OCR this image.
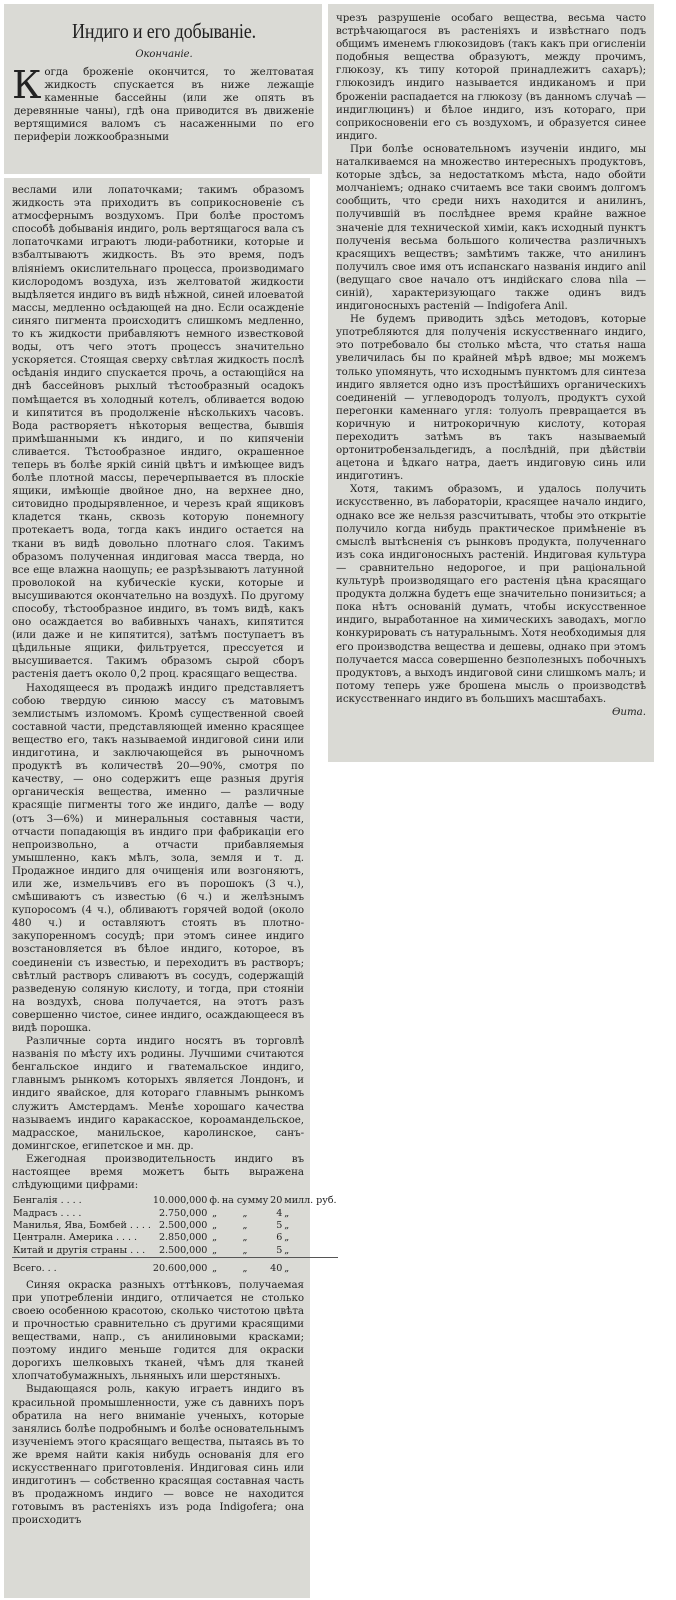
Индиго и его добываніе.
Окончаніе.

Когда броженіе окончится, то желтоватая жидкость спускается въ ниже лежащіе каменные бассейны (или же опять въ деревянные чаны), гдѣ она приводится въ движеніе вертящимися валомъ съ насаженными по его периферіи ложкообразными

веслами или лопаточками; такимъ образомъ жидкость эта приходитъ въ соприкосновеніе съ атмосфернымъ воздухомъ. При болѣе простомъ способѣ добыванія индиго, роль вертящагося вала съ лопаточками играютъ люди-работники, которые и взбалтываютъ жидкость. Въ это время, подъ вліяніемъ окислительнаго процесса, производимаго кислородомъ воздуха, изъ желтоватой жидкости выдѣляется индиго въ видѣ нѣжной, синей илоеватой массы, медленно осѣдающей на дно. Если осажденіе синяго пигмента происходитъ слишкомъ медленно, то къ жидкости прибавляютъ немного известковой воды, отъ чего этотъ процессъ значительно ускоряется. Стоящая сверху свѣтлая жидкость послѣ осѣданія индиго спускается прочь, а остающійся на днѣ бассейновъ рыхлый тѣстообразный осадокъ помѣщается въ холодный котелъ, обливается водою и кипятится въ продолженіе нѣсколькихъ часовъ. Вода растворяетъ нѣкоторыя вещества, бывшія примѣшанными къ индиго, и по кипяченіи сливается. Тѣстообразное индиго, окрашенное теперь въ болѣе яркій синій цвѣтъ и имѣющее видъ болѣе плотной массы, перечерпывается въ плоскіе ящики, имѣющіе двойное дно, на верхнее дно, ситовидно продырявленное, и черезъ край ящиковъ кладется ткань, сквозь которую понемногу протекаетъ вода, тогда какъ индиго остается на ткани въ видѣ довольно плотнаго слоя. Такимъ образомъ полученная индиговая масса тверда, но все еще влажна наощупь; ее разрѣзываютъ латунной проволокой на кубическіе куски, которые и высушиваются окончательно на воздухѣ. По другому способу, тѣстообразное индиго, въ томъ видѣ, какъ оно осаждается во вабивныхъ чанахъ, кипятится (или даже и не кипятится), затѣмъ поступаетъ въ цѣдильные ящики, фильтруется, прессуется и высушивается. Такимъ образомъ сырой сборъ растенія даетъ около 0,2 проц. красящаго вещества.

Находящееся въ продажѣ индиго представляетъ собою твердую синюю массу съ матовымъ землистымъ изломомъ. Кромѣ существенной своей составной части, представляющей именно красящее вещество его, такъ называемой индиговой сини или индиготина, и заключающейся въ рыночномъ продуктѣ въ количествѣ 20—90%, смотря по качеству, — оно содержитъ еще разныя другія органическія вещества, именно — различные красящіе пигменты того же индиго, далѣе — воду (отъ 3—6%) и минеральныя составныя части, отчасти попадающія въ индиго при фабрикаціи его непроизвольно, а отчасти прибавляемыя умышленно, какъ мѣлъ, зола, земля и т. д. Продажное индиго для очищенія или возгоняютъ, или же, измельчивъ его въ порошокъ (3 ч.), смѣшиваютъ съ известью (6 ч.) и желѣзнымъ купоросомъ (4 ч.), обливаютъ горячей водой (около 480 ч.) и оставляютъ стоять въ плотно-закупоренномъ сосудѣ; при этомъ синее индиго возстановляется въ бѣлое индиго, которое, въ соединеніи съ известью, и переходитъ въ растворъ; свѣтлый растворъ сливаютъ въ сосудъ, содержащій разведеную соляную кислоту, и тогда, при стояніи на воздухѣ, снова получается, на этотъ разъ совершенно чистое, синее индиго, осаждающееся въ видѣ порошка.

Различные сорта индиго носятъ въ торговлѣ названія по мѣсту ихъ родины. Лучшими считаются бенгальское индиго и гватемальское индиго, главнымъ рынкомъ которыхъ является Лондонъ, и индиго явайское, для котораго главнымъ рынкомъ служитъ Амстердамъ. Менѣе хорошаго качества называемъ индиго каракасское, короамандельское, мадрасское, манильское, каролинское, санъ-домингское, египетское и мн. др.

Ежегодная производительность индиго въ настоящее время можетъ быть выражена слѣдующими цифрами:

Бенгалія . . . .	10.000,000	ф.	на сумму	20	милл. руб.
Мадрасъ . . . .	2.750,000	„	„	4	„
Манилья, Ява, Бомбей . . . .	2.500,000	„	„	5	„
Централн. Америка . . . .	2.850,000	„	„	6	„
Китай и другія страны . . .	2.500,000	„	„	5	„

Всего. . .	20.600,000	„	„	40	„

Синяя окраска разныхъ оттѣнковъ, получаемая при употребленіи индиго, отличается не столько своею особенною красотою, сколько чистотою цвѣта и прочностью сравнительно съ другими красящими веществами, напр., съ анилиновыми красками; поэтому индиго меньше годится для окраски дорогихъ шелковыхъ тканей, чѣмъ для тканей хлопчатобумажныхъ, льняныхъ или шерстяныхъ.

Выдающаяся роль, какую играетъ индиго въ красильной промышленности, уже съ давнихъ поръ обратила на него вниманіе ученыхъ, которые занялись болѣе подробнымъ и болѣе основательнымъ изученіемъ этого красящаго вещества, пытаясь въ то же время найти какія нибудь основанія для его искусственнаго приготовленія. Индиговая синь или индиготинъ — собственно красящая составная часть въ продажномъ индиго — вовсе не находится готовымъ въ растеніяхъ изъ рода Indigofera; она происходитъ

чрезъ разрушеніе особаго вещества, весьма часто встрѣчающагося въ растеніяхъ и извѣстнаго подъ общимъ именемъ глюкозидовъ (такъ какъ при огисленіи подобныя вещества образуютъ, между прочимъ, глюкозу, къ типу которой принадлежитъ сахаръ); глюкозидъ индиго называется индиканомъ и при броженіи распадается на глюкозу (въ данномъ случаѣ — индиглюцинъ) и бѣлое индиго, изъ котораго, при соприкосновеніи его съ воздухомъ, и образуется синее индиго.

При болѣе основательномъ изученіи индиго, мы наталкиваемся на множество интересныхъ продуктовъ, которые здѣсь, за недостаткомъ мѣста, надо обойти молчаніемъ; однако считаемъ все таки своимъ долгомъ сообщить, что среди нихъ находится и анилинъ, получившій въ послѣднее время крайне важное значеніе для технической химіи, какъ исходный пунктъ полученія весьма большого количества различныхъ красящихъ веществъ; замѣтимъ также, что анилинъ получилъ свое имя отъ испанскаго названія индиго anil (ведущаго свое начало отъ индійскаго слова nila — синій), характеризующаго также одинъ видъ индигоносныхъ растеній — Indigofera Anil.

Не будемъ приводить здѣсь методовъ, которые употребляются для полученія искусственнаго индиго, это потребовало бы столько мѣста, что статья наша увеличилась бы по крайней мѣрѣ вдвое; мы можемъ только упомянуть, что исходнымъ пунктомъ для синтеза индиго является одно изъ простѣйшихъ органическихъ соединеній — углеводородъ толуолъ, продуктъ сухой перегонки каменнаго угля: толуолъ превращается въ коричную и нитрокоричную кислоту, которая переходитъ затѣмъ въ такъ называемый ортонитробензальдегидъ, а послѣдній, при дѣйствіи ацетона и ѣдкаго натра, даетъ индиговую синь или индиготинъ.

Хотя, такимъ образомъ, и удалось получить искусственно, въ лабораторіи, красящее начало индиго, однако все же нельзя разсчитывать, чтобы это открытіе получило когда нибудь практическое примѣненіе въ смыслѣ вытѣсненія съ рынковъ продукта, полученнаго изъ сока индигоносныхъ растеній. Индиговая культура — сравнительно недорогое, и при раціональной культурѣ производящаго его растенія цѣна красящаго продукта должна будетъ еще значительно понизиться; а пока нѣтъ основаній думать, чтобы искусственное индиго, выработанное на химическихъ заводахъ, могло конкурировать съ натуральнымъ. Хотя необходимыя для его производства вещества и дешевы, однако при этомъ получается масса совершенно безполезныхъ побочныхъ продуктовъ, а выходъ индиговой сини слишкомъ малъ; и потому теперь уже брошена мысль о производствѣ искусственнаго индиго въ большихъ масштабахъ.
Ѳита.
